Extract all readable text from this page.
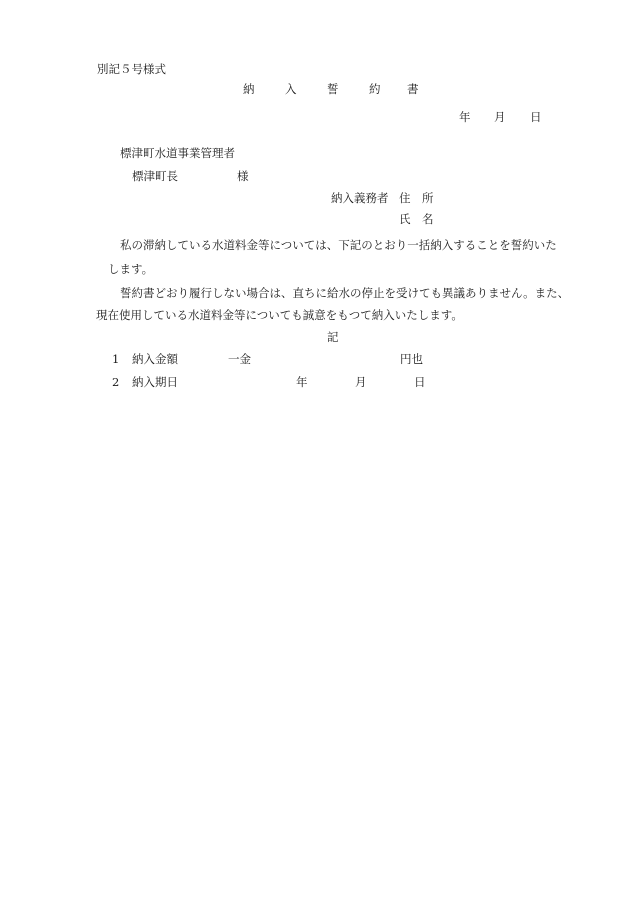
別記５号様式
納	入	誓	約 書
年 月 日
標津町水道事業管理者
標津町長	様
納入義務者 住　所
氏　名
私の滞納している水道料金等については、下記のとおり一括納入することを誓約いた
します。
誓約書どおり履行しない場合は、直ちに給水の停止を受けても異議ありません。また、
現在使用している水道料金等についても誠意をもつて納入いたします。
記
1 納入金額	一金	円也
2 納入期日	年	月	日
